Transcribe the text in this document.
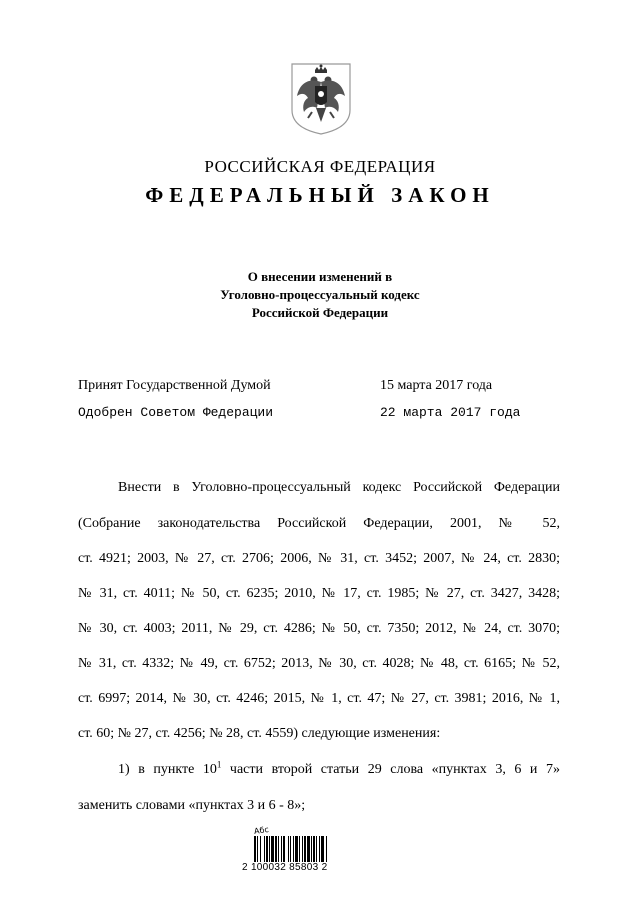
РОССИЙСКАЯ ФЕДЕРАЦИЯ
ФЕДЕРАЛЬНЫЙ ЗАКОН
О внесении изменений в
Уголовно-процессуальный кодекс
Российской Федерации
Принят Государственной Думой	15 марта 2017 года
Одобрен Советом Федерации	22 марта 2017 года
Внести в Уголовно-процессуальный кодекс Российской Федерации
(Собрание законодательства Российской Федерации, 2001, № 52,
ст. 4921; 2003, № 27, ст. 2706; 2006, № 31, ст. 3452; 2007, № 24, ст. 2830;
№ 31, ст. 4011; № 50, ст. 6235; 2010, № 17, ст. 1985; № 27, ст. 3427, 3428;
№ 30, ст. 4003; 2011, № 29, ст. 4286; № 50, ст. 7350; 2012, № 24, ст. 3070;
№ 31, ст. 4332; № 49, ст. 6752; 2013, № 30, ст. 4028; № 48, ст. 6165; № 52,
ст. 6997; 2014, № 30, ст. 4246; 2015, № 1, ст. 47; № 27, ст. 3981; 2016, № 1,
ст. 60; № 27, ст. 4256; № 28, ст. 4559) следующие изменения:
1) в пункте $10^1$ части второй статьи 29 слова «пунктах 3, 6 и 7»
заменить словами «пунктах 3 и 6 - 8»;
Абс
2 100032 85803 2
